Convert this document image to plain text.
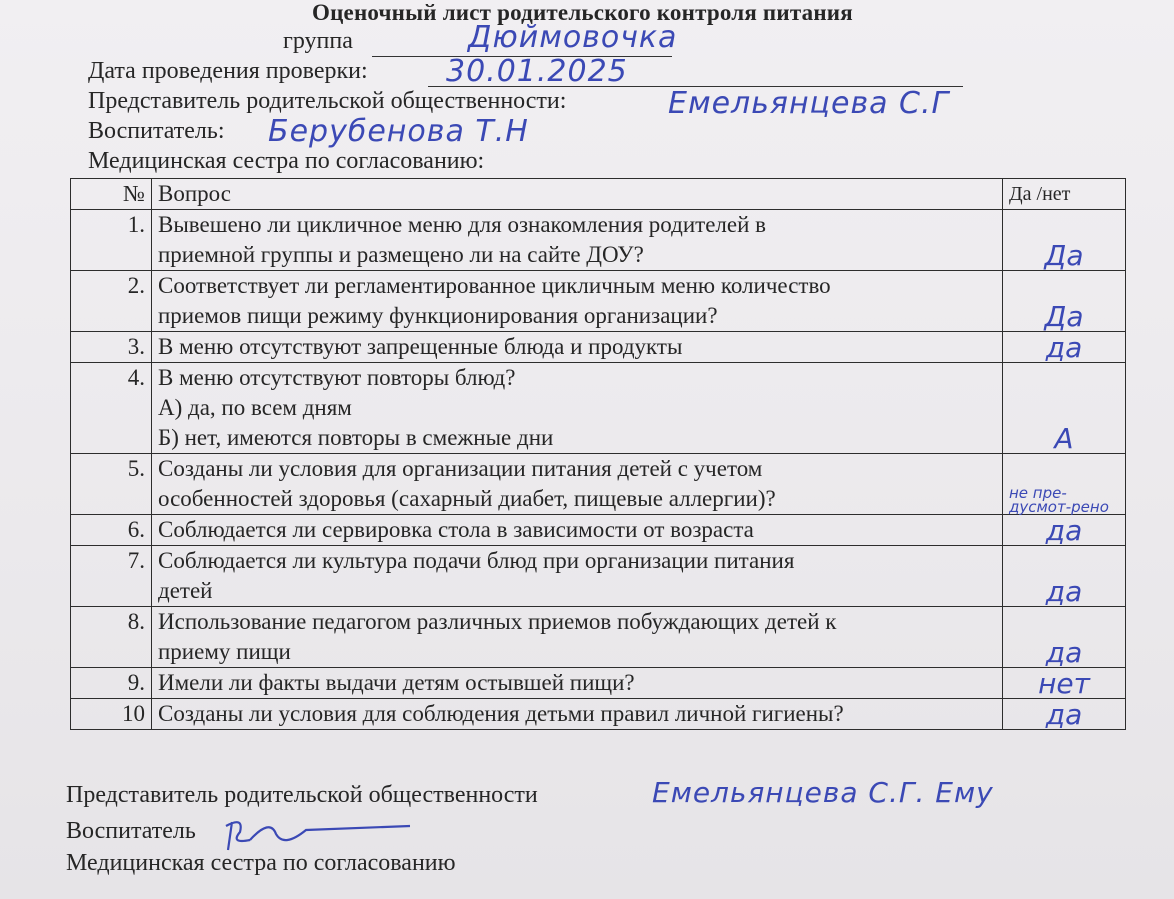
Оценочный лист родительского контроля питания
группа	Дюймовочка
Дата проведения проверки:	30.01.2025
Представитель родительской общественности:	Емельянцева С.Г
Воспитатель: Берубенова Т.Н
Медицинская сестра по согласованию:
№	Вопрос	Да /нет
1.	Вывешено ли цикличное меню для ознакомления родителей в
приемной группы и размещено ли на сайте ДОУ?	Да

2.	Соответствует ли регламентированное цикличным меню количество
приемов пищи режиму функционирования организации?	Да

3.	В меню отсутствуют запрещенные блюда и продукты	да

4.	В меню отсутствуют повторы блюд?
А) да, по всем дням
Б) нет, имеются повторы в смежные дни	А

5.	Созданы ли условия для организации питания детей с учетом
особенностей здоровья (сахарный диабет, пищевые аллергии)?	не пре-дусмот-рено

6.	Соблюдается ли сервировка стола в зависимости от возраста	да

7.	Соблюдается ли культура подачи блюд при организации питания
детей	да

8.	Использование педагогом различных приемов побуждающих детей к
приему пищи	да

9.	Имели ли факты выдачи детям остывшей пищи?	нет

10	Созданы ли условия для соблюдения детьми правил личной гигиены?	да
Представитель родительской общественности	Емельянцева С.Г. Ему
Воспитатель
Медицинская сестра по согласованию
